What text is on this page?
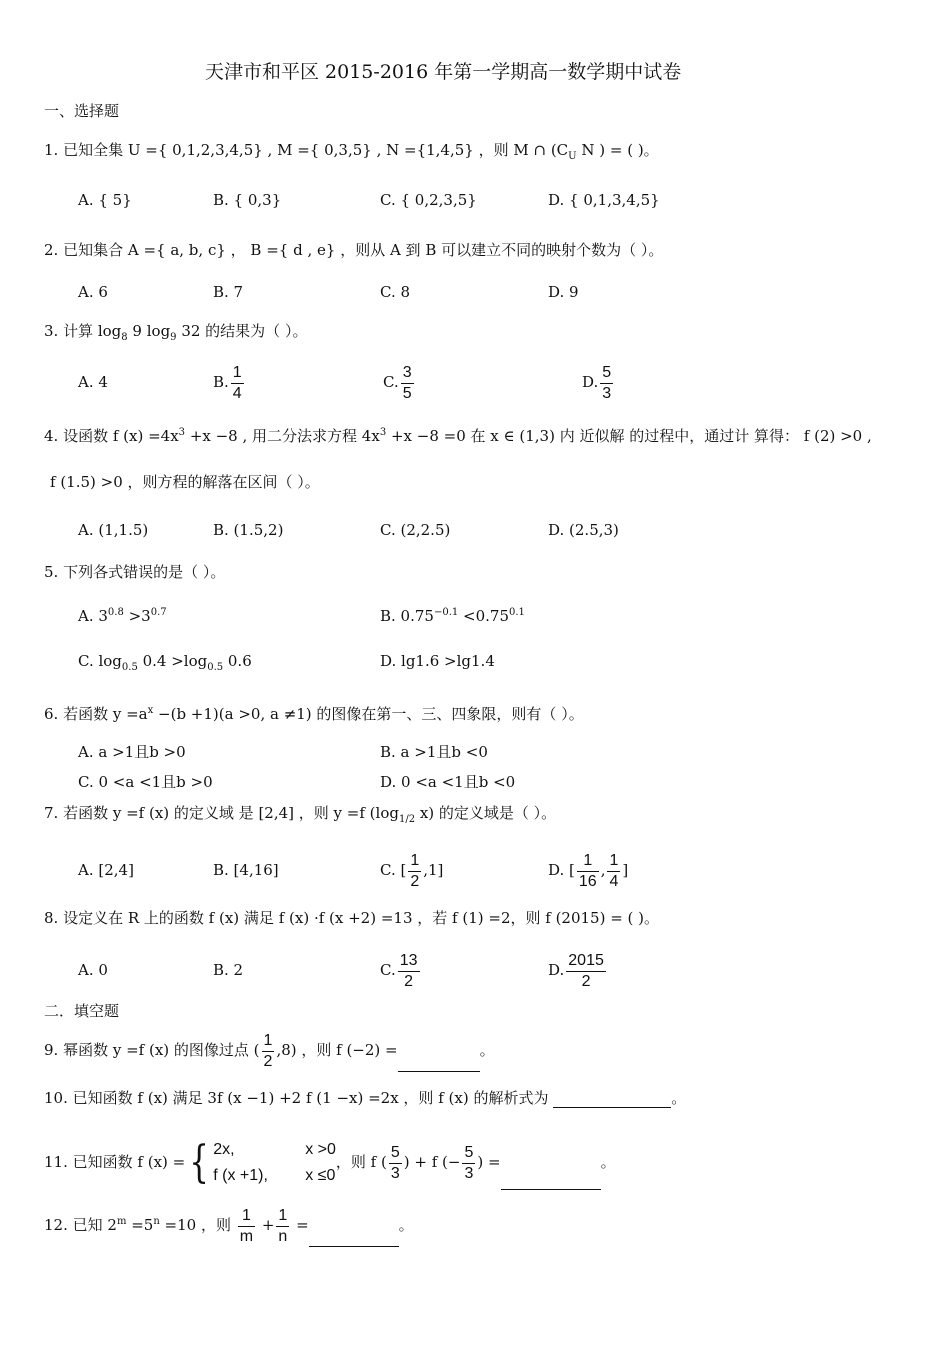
天津市和平区 2015-2016 年第一学期高一数学期中试卷
一、选择题
1. 已知全集 U ={ 0,1,2,3,4,5} , M ={ 0,3,5} , N ={1,4,5} ，则 M ∩ ($C_U$ N ) = ( )。
A. { 5}	B. { 0,3}	C. { 0,2,3,5}	D. { 0,1,3,4,5}
2. 已知集合 A ={ a, b, c} ， B ={ d , e} ，则从 A 到 B 可以建立不同的映射个数为（ ）。
A. 6	B. 7	C. 8	D. 9
3. 计算 $\log_8 9$ $\log_9 32$ 的结果为（ ）。
A. 4	B. $\frac{1}{4}$	C. $\frac{3}{5}$	D. $\frac{5}{3}$
4. 设函数 f $(x) =4x^3 +x -8$ , 用二分法求方程 $4x^3 +x -8 =0$ 在 x ∈ (1,3) 内 近似解 的过程中，通过计 算得： f (2) >0 ,
f (1.5) >0 ，则方程的解落在区间（ ）。
A. (1,1.5)	B. (1.5,2)	C. (2,2.5)	D. (2.5,3)
5. 下列各式错误的是（ ）。
A. $3^{0.8} >3^{0.7}$	B. $0.75^{-0.1} <0.75^{0.1}$
C. $\log_{0.5} 0.4 >\log_{0.5}$ 0.6	D. lg1.6 >lg1.4
6. 若函数 $y =a^x -(b +1)(a >0$, a ≠1) 的图像在第一、三、四象限，则有（ ）。
A. a >1且b >0	B. a >1且b <0
C. 0 <a <1且b >0	D. 0 <a <1且b <0
7. 若函数 y =f (x) 的定义域 是 [2,4] ，则 y =f ($\log_{1/2}$ x) 的定义域是（ ）。
A. [2,4]	B. [4,16]	C. [ $\frac{1}{2} ,1$]	D. [ $\frac{1}{16}$ , $\frac{1}{4}$ ]
8. 设定义在 R 上的函数 f (x) 满足 f (x) ·f (x +2) =13 ，若 f (1) =2，则 f (2015) = ( )。
A. 0	B. 2	C. $\frac{13}{2}$	D. $\frac{2015}{2}$
二．填空题
9. 幂函数 y =f (x) 的图像过点 ( $\frac{1}{2} ,8$) ，则 f (−2) =	。
10. 已知函数 f (x) 满足 3f (x −1) +2 f (1 −x) =2x ，则 f (x) 的解析式为	。
11. 已知函数 f (x) ={ 2x,	x >0
f (x +1), x ≤0，则 f ( $\frac{5}{3}$ ) + f (− $\frac{5}{3}$ ) =	。
12. 已知 $2^m =5^n =10$ ，则 $\frac{1}{m} + \frac{1}{n}$ =	。
